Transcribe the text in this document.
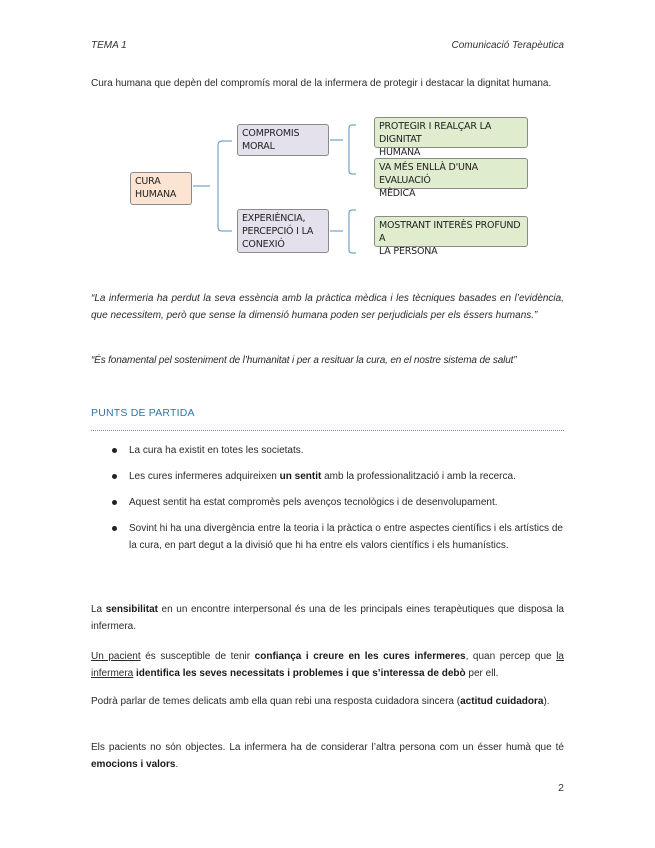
TEMA 1	Comunicació Terapèutica
Cura humana que depèn del compromís moral de la infermera de protegir i destacar la dignitat humana.
CURA
HUMANA
COMPROMIS
MORAL
EXPERIÈNCIA,
PERCEPCIÓ I LA
CONEXIÓ
PROTEGIR I REALÇAR LA DIGNITAT
HUMANA
VA MÉS ENLLÀ D'UNA EVALUACIÓ
MÈDICA
MOSTRANT INTERÈS PROFUND A
LA PERSONA
“La infermeria ha perdut la seva essència amb la pràctica mèdica i les tècniques basades en l’evidència, que necessitem, però que sense la dimensió humana poden ser perjudicials per els éssers humans.”
“És fonamental pel sosteniment de l’humanitat i per a resituar la cura, en el nostre sistema de salut”
PUNTS DE PARTIDA
La cura ha existit en totes les societats.
Les cures infermeres adquireixen un sentit amb la professionalització i amb la recerca.
Aquest sentit ha estat compromès pels avenços tecnològics i de desenvolupament.
Sovint hi ha una divergència entre la teoria i la pràctica o entre aspectes científics i els artístics de la cura, en part degut a la divisió que hi ha entre els valors científics i els humanístics.
La sensibilitat en un encontre interpersonal és una de les principals eines terapèutiques que disposa la infermera.
Un pacient és susceptible de tenir confiança i creure en les cures infermeres, quan percep que la infermera identifica les seves necessitats i problemes i que s’interessa de debò per ell.
Podrà parlar de temes delicats amb ella quan rebi una resposta cuidadora sincera (actitud cuidadora).
Els pacients no són objectes. La infermera ha de considerar l’altra persona com un ésser humà que té emocions i valors.
2
